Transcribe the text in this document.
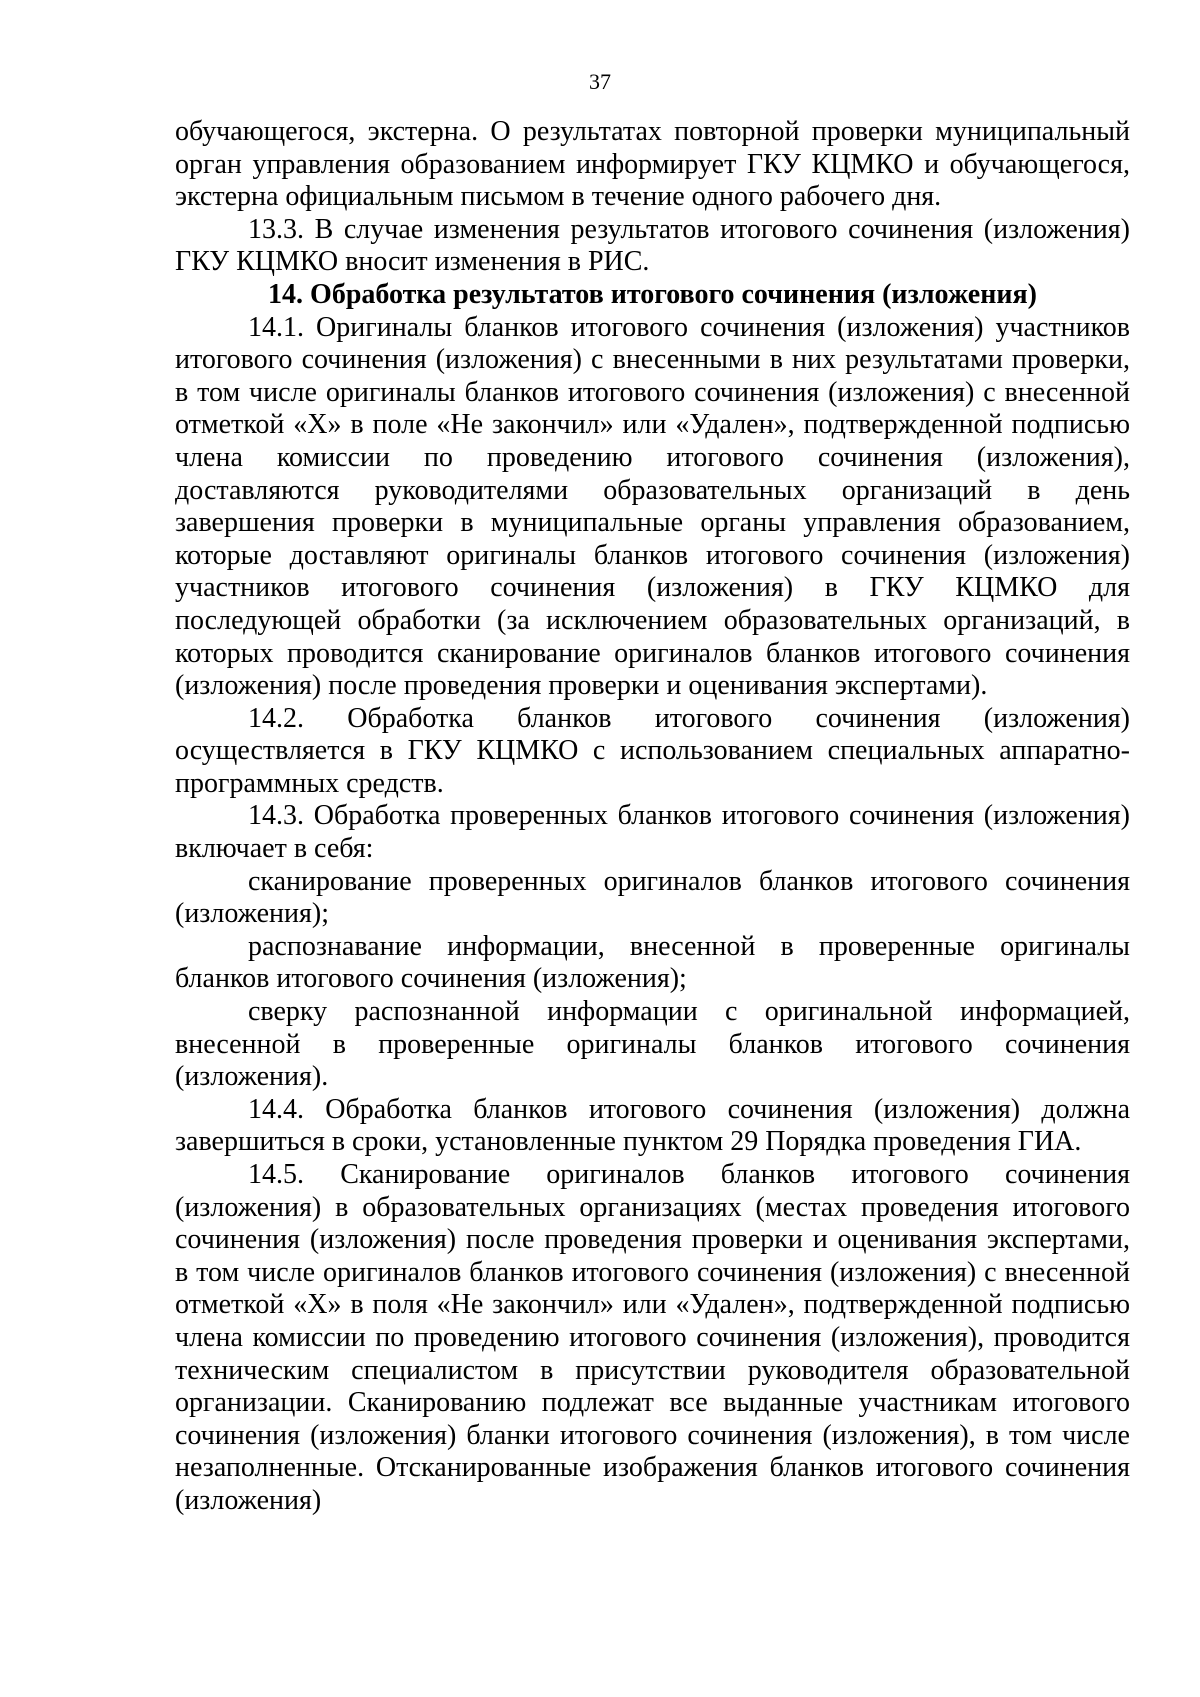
37

обучающегося, экстерна. О результатах повторной проверки муниципальный орган управления образованием информирует ГКУ КЦМКО и обучающегося, экстерна официальным письмом в течение одного рабочего дня.

13.3. В случае изменения результатов итогового сочинения (изложения) ГКУ КЦМКО вносит изменения в РИС.

14. Обработка результатов итогового сочинения (изложения)

14.1. Оригиналы бланков итогового сочинения (изложения) участников итогового сочинения (изложения) с внесенными в них результатами проверки, в том числе оригиналы бланков итогового сочинения (изложения) с внесенной отметкой «Х» в поле «Не закончил» или «Удален», подтвержденной подписью члена комиссии по проведению итогового сочинения (изложения), доставляются руководителями образовательных организаций в день завершения проверки в муниципальные органы управления образованием, которые доставляют оригиналы бланков итогового сочинения (изложения) участников итогового сочинения (изложения) в ГКУ КЦМКО для последующей обработки (за исключением образовательных организаций, в которых проводится сканирование оригиналов бланков итогового сочинения (изложения) после проведения проверки и оценивания экспертами).

14.2. Обработка бланков итогового сочинения (изложения) осуществляется в ГКУ КЦМКО с использованием специальных аппаратно-программных средств.

14.3. Обработка проверенных бланков итогового сочинения (изложения) включает в себя:

сканирование проверенных оригиналов бланков итогового сочинения (изложения);

распознавание информации, внесенной в проверенные оригиналы бланков итогового сочинения (изложения);

сверку распознанной информации с оригинальной информацией, внесенной в проверенные оригиналы бланков итогового сочинения (изложения).

14.4. Обработка бланков итогового сочинения (изложения) должна завершиться в сроки, установленные пунктом 29 Порядка проведения ГИА.

14.5. Сканирование оригиналов бланков итогового сочинения (изложения) в образовательных организациях (местах проведения итогового сочинения (изложения) после проведения проверки и оценивания экспертами, в том числе оригиналов бланков итогового сочинения (изложения) с внесенной отметкой «Х» в поля «Не закончил» или «Удален», подтвержденной подписью члена комиссии по проведению итогового сочинения (изложения), проводится техническим специалистом в присутствии руководителя образовательной организации. Сканированию подлежат все выданные участникам итогового сочинения (изложения) бланки итогового сочинения (изложения), в том числе незаполненные. Отсканированные изображения бланков итогового сочинения (изложения)
